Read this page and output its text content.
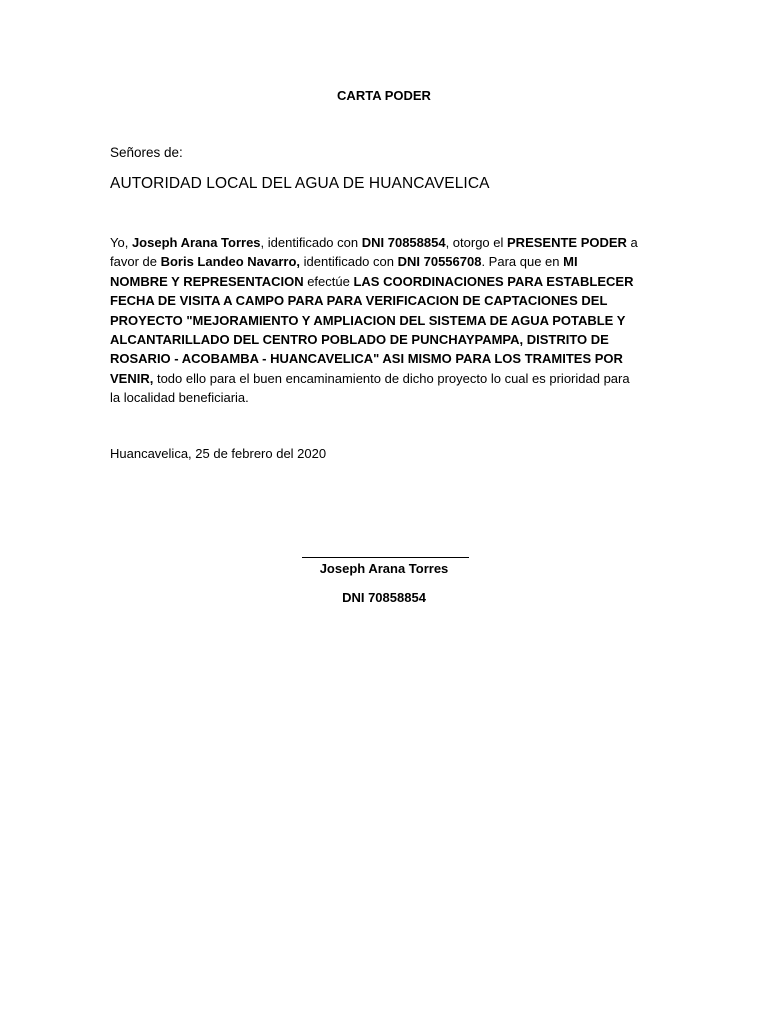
CARTA PODER
Señores de:
AUTORIDAD LOCAL DEL AGUA DE HUANCAVELICA
Yo, Joseph Arana Torres, identificado con DNI 70858854, otorgo el PRESENTE PODER a favor de Boris Landeo Navarro, identificado con DNI 70556708. Para que en MI NOMBRE Y REPRESENTACION efectúe LAS COORDINACIONES PARA ESTABLECER FECHA DE VISITA A CAMPO PARA PARA VERIFICACION DE CAPTACIONES DEL PROYECTO "MEJORAMIENTO Y AMPLIACION DEL SISTEMA DE AGUA POTABLE Y ALCANTARILLADO DEL CENTRO POBLADO DE PUNCHAYPAMPA, DISTRITO DE ROSARIO - ACOBAMBA - HUANCAVELICA" ASI MISMO PARA LOS TRAMITES POR VENIR, todo ello para el buen encaminamiento de dicho proyecto lo cual es prioridad para la localidad beneficiaria.
Huancavelica, 25 de febrero del 2020
Joseph Arana Torres
DNI 70858854
